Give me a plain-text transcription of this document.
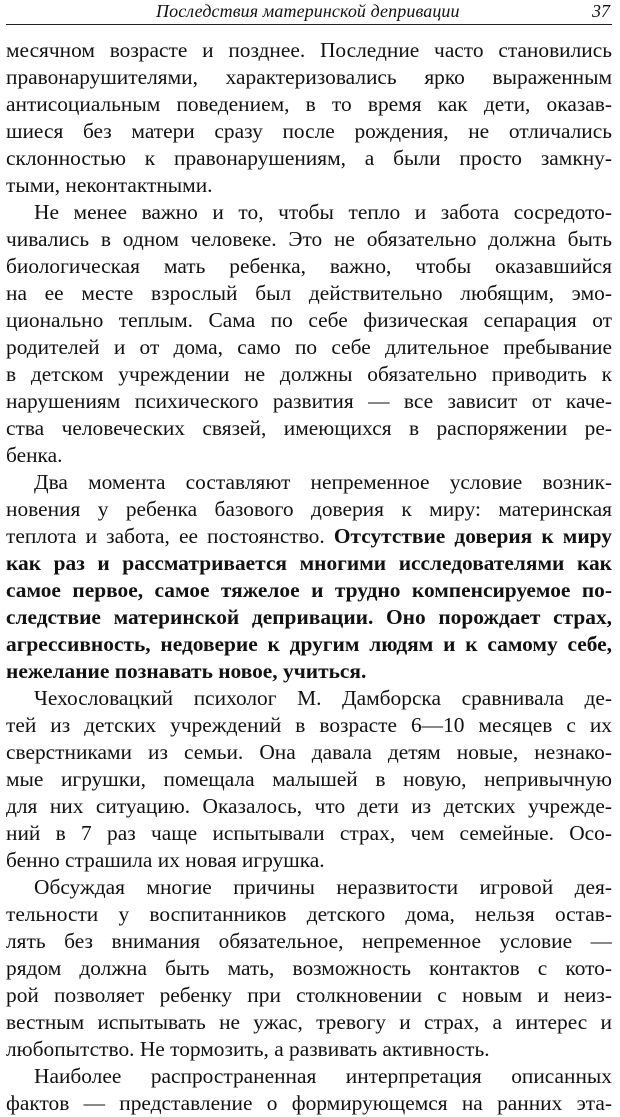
Последствия материнской депривации	37
месячном возрасте и позднее. Последние часто становились
правонарушителями, характеризовались ярко выраженным
антисоциальным поведением, в то время как дети, оказав-
шиеся без матери сразу после рождения, не отличались
склонностью к правонарушениям, а были просто замкну-
тыми, неконтактными.
Не менее важно и то, чтобы тепло и забота сосредото-
чивались в одном человеке. Это не обязательно должна быть
биологическая мать ребенка, важно, чтобы оказавшийся
на ее месте взрослый был действительно любящим, эмо-
ционально теплым. Сама по себе физическая сепарация от
родителей и от дома, само по себе длительное пребывание
в детском учреждении не должны обязательно приводить к
нарушениям психического развития — все зависит от каче-
ства человеческих связей, имеющихся в распоряжении ре-
бенка.
Два момента составляют непременное условие возник-
новения у ребенка базового доверия к миру: материнская
теплота и забота, ее постоянство. Отсутствие доверия к миру
как раз и рассматривается многими исследователями как
самое первое, самое тяжелое и трудно компенсируемое по-
следствие материнской депривации. Оно порождает страх,
агрессивность, недоверие к другим людям и к самому себе,
нежелание познавать новое, учиться.
Чехословацкий психолог М. Дамборска сравнивала де-
тей из детских учреждений в возрасте 6—10 месяцев с их
сверстниками из семьи. Она давала детям новые, незнако-
мые игрушки, помещала малышей в новую, непривычную
для них ситуацию. Оказалось, что дети из детских учрежде-
ний в 7 раз чаще испытывали страх, чем семейные. Осо-
бенно страшила их новая игрушка.
Обсуждая многие причины неразвитости игровой дея-
тельности у воспитанников детского дома, нельзя остав-
лять без внимания обязательное, непременное условие —
рядом должна быть мать, возможность контактов с кото-
рой позволяет ребенку при столкновении с новым и неиз-
вестным испытывать не ужас, тревогу и страх, а интерес и
любопытство. Не тормозить, а развивать активность.
Наиболее распространенная интерпретация описанных
фактов — представление о формирующемся на ранних эта-
